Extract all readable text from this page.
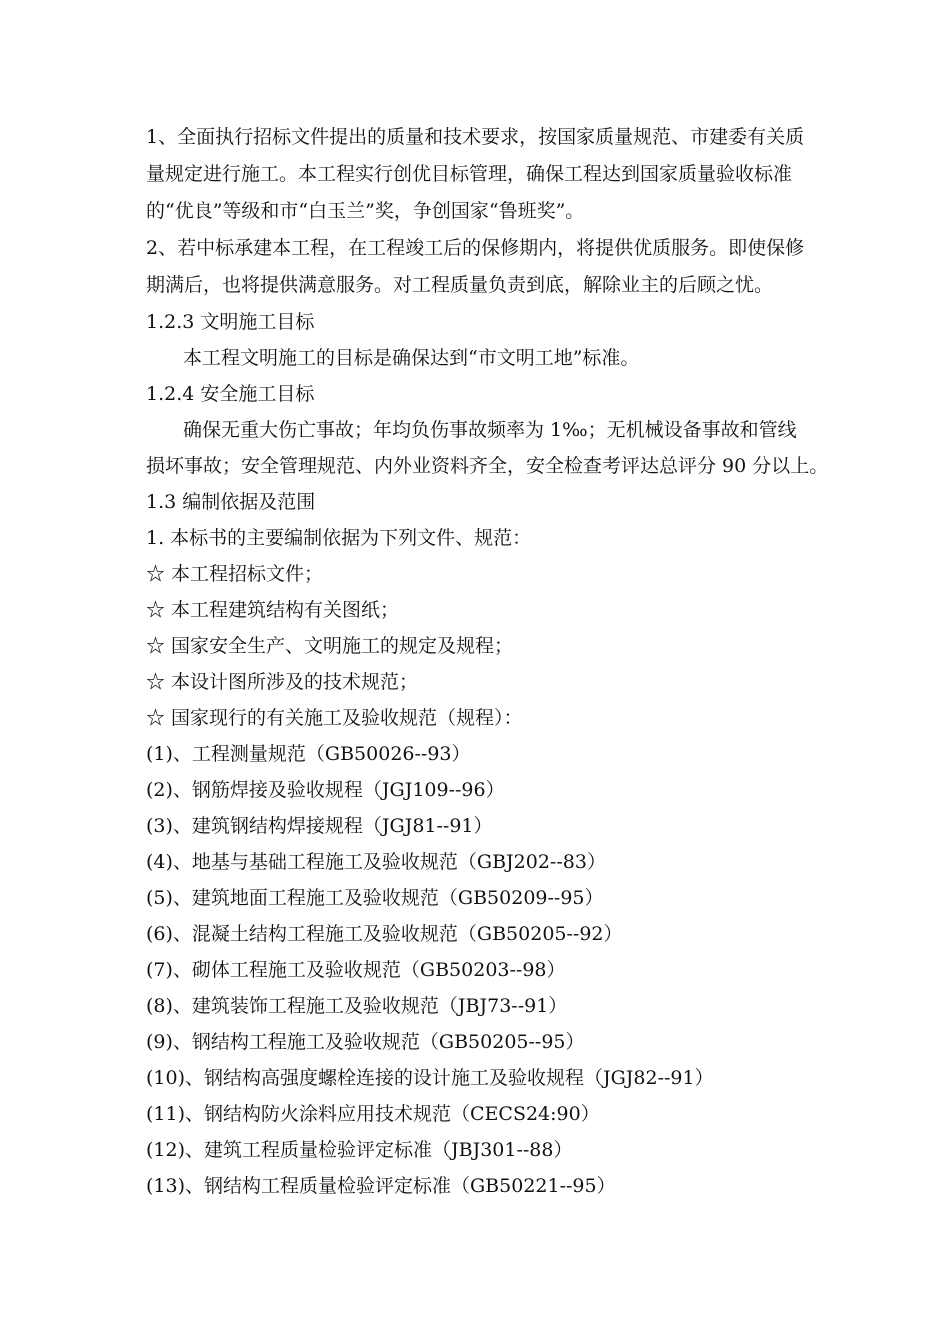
1、全面执行招标文件提出的质量和技术要求，按国家质量规范、市建委有关质
量规定进行施工。本工程实行创优目标管理，确保工程达到国家质量验收标准
的“优良”等级和市“白玉兰”奖，争创国家“鲁班奖”。
2、若中标承建本工程，在工程竣工后的保修期内，将提供优质服务。即使保修
期满后，也将提供满意服务。对工程质量负责到底，解除业主的后顾之忧。
1.2.3 文明施工目标
本工程文明施工的目标是确保达到“市文明工地”标准。
1.2.4 安全施工目标
确保无重大伤亡事故；年均负伤事故频率为 1‰；无机械设备事故和管线
损坏事故；安全管理规范、内外业资料齐全，安全检查考评达总评分 90 分以上。
1.3 编制依据及范围
1. 本标书的主要编制依据为下列文件、规范：
☆ 本工程招标文件；
☆ 本工程建筑结构有关图纸；
☆ 国家安全生产、文明施工的规定及规程；
☆ 本设计图所涉及的技术规范；
☆ 国家现行的有关施工及验收规范（规程）：
(1)、工程测量规范（GB50026--93）
(2)、钢筋焊接及验收规程（JGJ109--96）
(3)、建筑钢结构焊接规程（JGJ81--91）
(4)、地基与基础工程施工及验收规范（GBJ202--83）
(5)、建筑地面工程施工及验收规范（GB50209--95）
(6)、混凝土结构工程施工及验收规范（GB50205--92）
(7)、砌体工程施工及验收规范（GB50203--98）
(8)、建筑装饰工程施工及验收规范（JBJ73--91）
(9)、钢结构工程施工及验收规范（GB50205--95）
(10)、钢结构高强度螺栓连接的设计施工及验收规程（JGJ82--91）
(11)、钢结构防火涂料应用技术规范（CECS24:90）
(12)、建筑工程质量检验评定标准（JBJ301--88）
(13)、钢结构工程质量检验评定标准（GB50221--95）
